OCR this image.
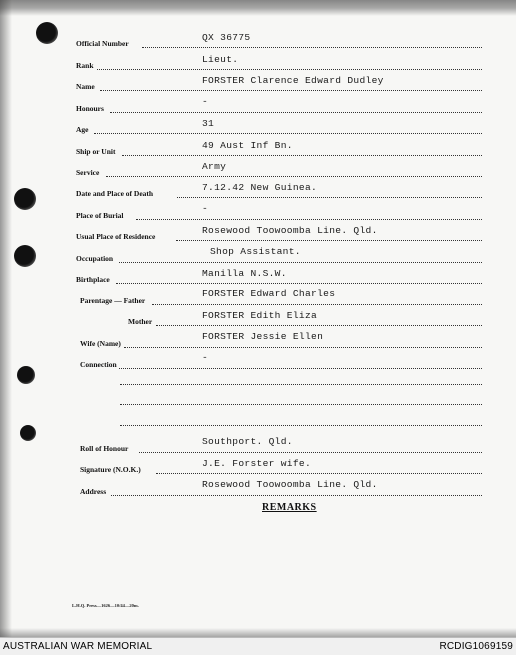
Official Number
QX 36775
Rank
Lieut.
Name
FORSTER Clarence Edward Dudley
Honours
-
Age
31
Ship or Unit
49 Aust Inf Bn.
Service
Army
Date and Place of Death
7.12.42 New Guinea.
Place of Burial
-
Usual Place of Residence
Rosewood Toowoomba Line. Qld.
Occupation
Shop Assistant.
Birthplace
Manilla N.S.W.
Parentage — Father
FORSTER Edward Charles
Mother
FORSTER Edith Eliza
Wife (Name)
FORSTER Jessie Ellen
Connection
-
Roll of Honour
Southport. Qld.
Signature (N.O.K.)
J.E. Forster wife.
Address
Rosewood Toowoomba Line. Qld.
REMARKS
L.H.Q. Press—1626—10/44—20m.
AUSTRALIAN WAR MEMORIAL	RCDIG1069159
